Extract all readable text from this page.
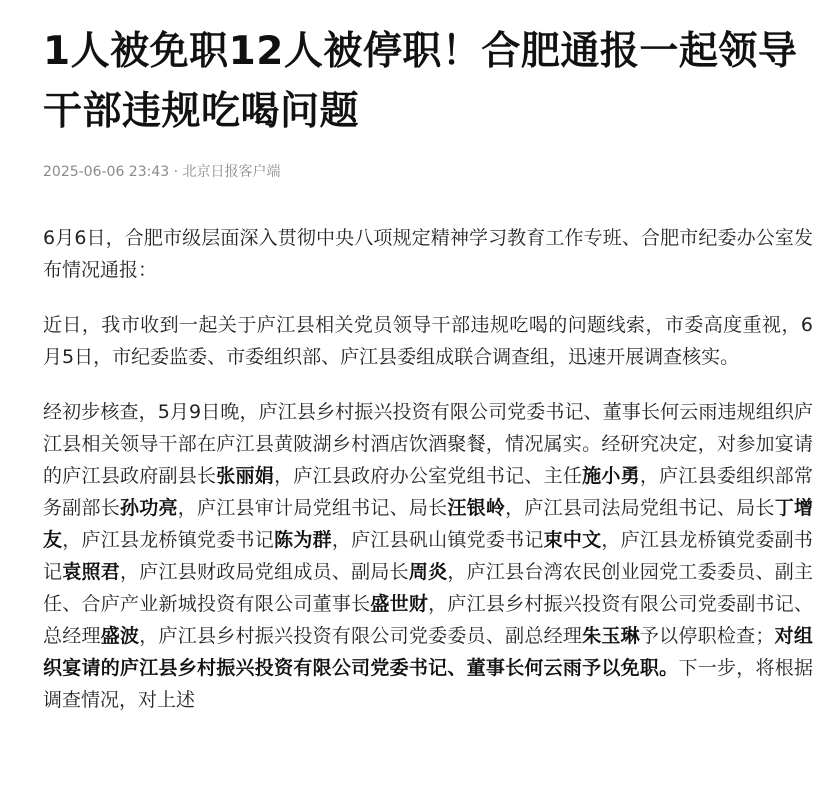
1人被免职12人被停职！合肥通报一起领导干部违规吃喝问题
2025-06-06 23:43 · 北京日报客户端

6月6日，合肥市级层面深入贯彻中央八项规定精神学习教育工作专班、合肥市纪委办公室发布情况通报：

近日，我市收到一起关于庐江县相关党员领导干部违规吃喝的问题线索，市委高度重视，6月5日，市纪委监委、市委组织部、庐江县委组成联合调查组，迅速开展调查核实。

经初步核查，5月9日晚，庐江县乡村振兴投资有限公司党委书记、董事长何云雨违规组织庐江县相关领导干部在庐江县黄陂湖乡村酒店饮酒聚餐，情况属实。经研究决定，对参加宴请的庐江县政府副县长张丽娟，庐江县政府办公室党组书记、主任施小勇，庐江县委组织部常务副部长孙功亮，庐江县审计局党组书记、局长汪银岭，庐江县司法局党组书记、局长丁增友，庐江县龙桥镇党委书记陈为群，庐江县矾山镇党委书记束中文，庐江县龙桥镇党委副书记袁照君，庐江县财政局党组成员、副局长周炎，庐江县台湾农民创业园党工委委员、副主任、合庐产业新城投资有限公司董事长盛世财，庐江县乡村振兴投资有限公司党委副书记、总经理盛波，庐江县乡村振兴投资有限公司党委委员、副总经理朱玉琳予以停职检查；对组织宴请的庐江县乡村振兴投资有限公司党委书记、董事长何云雨予以免职。下一步，将根据调查情况，对上述
